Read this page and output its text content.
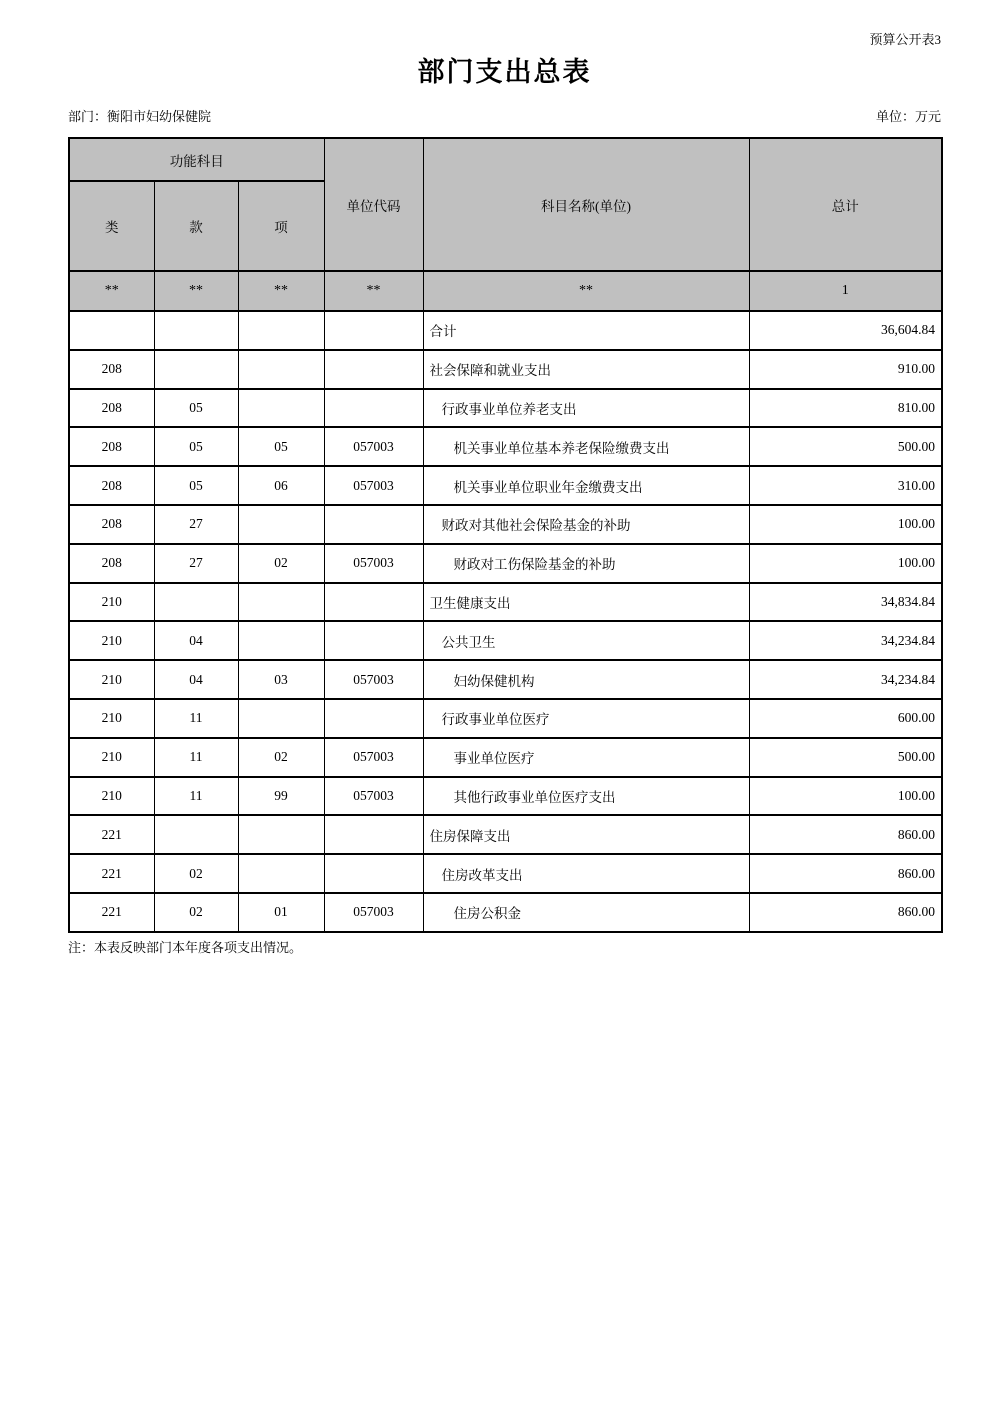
预算公开表3
部门支出总表
部门：衡阳市妇幼保健院	单位：万元
功能科目			单位代码	科目名称(单位)	总计
类	款	项			
**	**	**	**	**	1
				合计	36,604.84
208				社会保障和就业支出	910.00
208	05			行政事业单位养老支出	810.00
208	05	05	057003	机关事业单位基本养老保险缴费支出	500.00
208	05	06	057003	机关事业单位职业年金缴费支出	310.00
208	27			财政对其他社会保险基金的补助	100.00
208	27	02	057003	财政对工伤保险基金的补助	100.00
210				卫生健康支出	34,834.84
210	04			公共卫生	34,234.84
210	04	03	057003	妇幼保健机构	34,234.84
210	11			行政事业单位医疗	600.00
210	11	02	057003	事业单位医疗	500.00
210	11	99	057003	其他行政事业单位医疗支出	100.00
221				住房保障支出	860.00
221	02			住房改革支出	860.00
221	02	01	057003	住房公积金	860.00
注：本表反映部门本年度各项支出情况。
